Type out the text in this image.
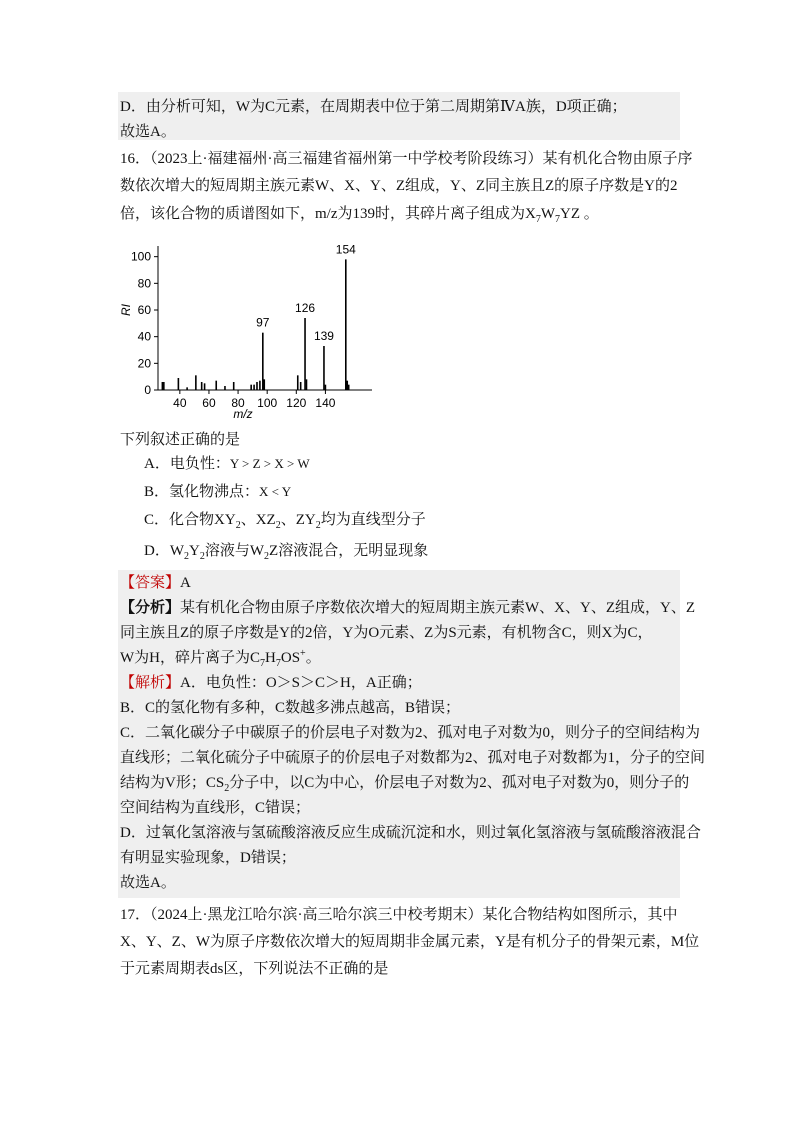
D．由分析可知，W为C元素，在周期表中位于第二周期第ⅣA族，D项正确；
故选A。
16．（2023上·福建福州·高三福建省福州第一中学校考阶段练习）某有机化合物由原子序
数依次增大的短周期主族元素W、X、Y、Z组成，Y、Z同主族且Z的原子序数是Y的2
倍，该化合物的质谱图如下，m/z为139时，其碎片离子组成为$X_7W_7YZ$ 。
0
20
40
60
80
100
40 60 80 100 120 140
97
126
139
154
RI
m/z
下列叙述正确的是
A．电负性：Y > Z > X > W
B．氢化物沸点：X < Y
C．化合物$XY_2$、$XZ_2$、$ZY_2$均为直线型分子
D．$W_2Y_2$溶液与$W_2Z$溶液混合，无明显现象
【答案】A
【分析】某有机化合物由原子序数依次增大的短周期主族元素W、X、Y、Z组成，Y、Z
同主族且Z的原子序数是Y的2倍，Y为O元素、Z为S元素，有机物含C，则X为C，
W为H，碎片离子为$C_7H_7OS^+$。
【解析】A．电负性：O＞S＞C＞H，A正确；
B．C的氢化物有多种，C数越多沸点越高，B错误；
C．二氧化碳分子中碳原子的价层电子对数为2、孤对电子对数为0，则分子的空间结构为
直线形；二氧化硫分子中硫原子的价层电子对数都为2、孤对电子对数都为1，分子的空间
结构为V形；$CS_2$分子中，以C为中心，价层电子对数为2、孤对电子对数为0，则分子的
空间结构为直线形，C错误；
D．过氧化氢溶液与氢硫酸溶液反应生成硫沉淀和水，则过氧化氢溶液与氢硫酸溶液混合
有明显实验现象，D错误；
故选A。
17．（2024上·黑龙江哈尔滨·高三哈尔滨三中校考期末）某化合物结构如图所示，其中
X、Y、Z、W为原子序数依次增大的短周期非金属元素，Y是有机分子的骨架元素，M位
于元素周期表ds区，下列说法不正确的是
